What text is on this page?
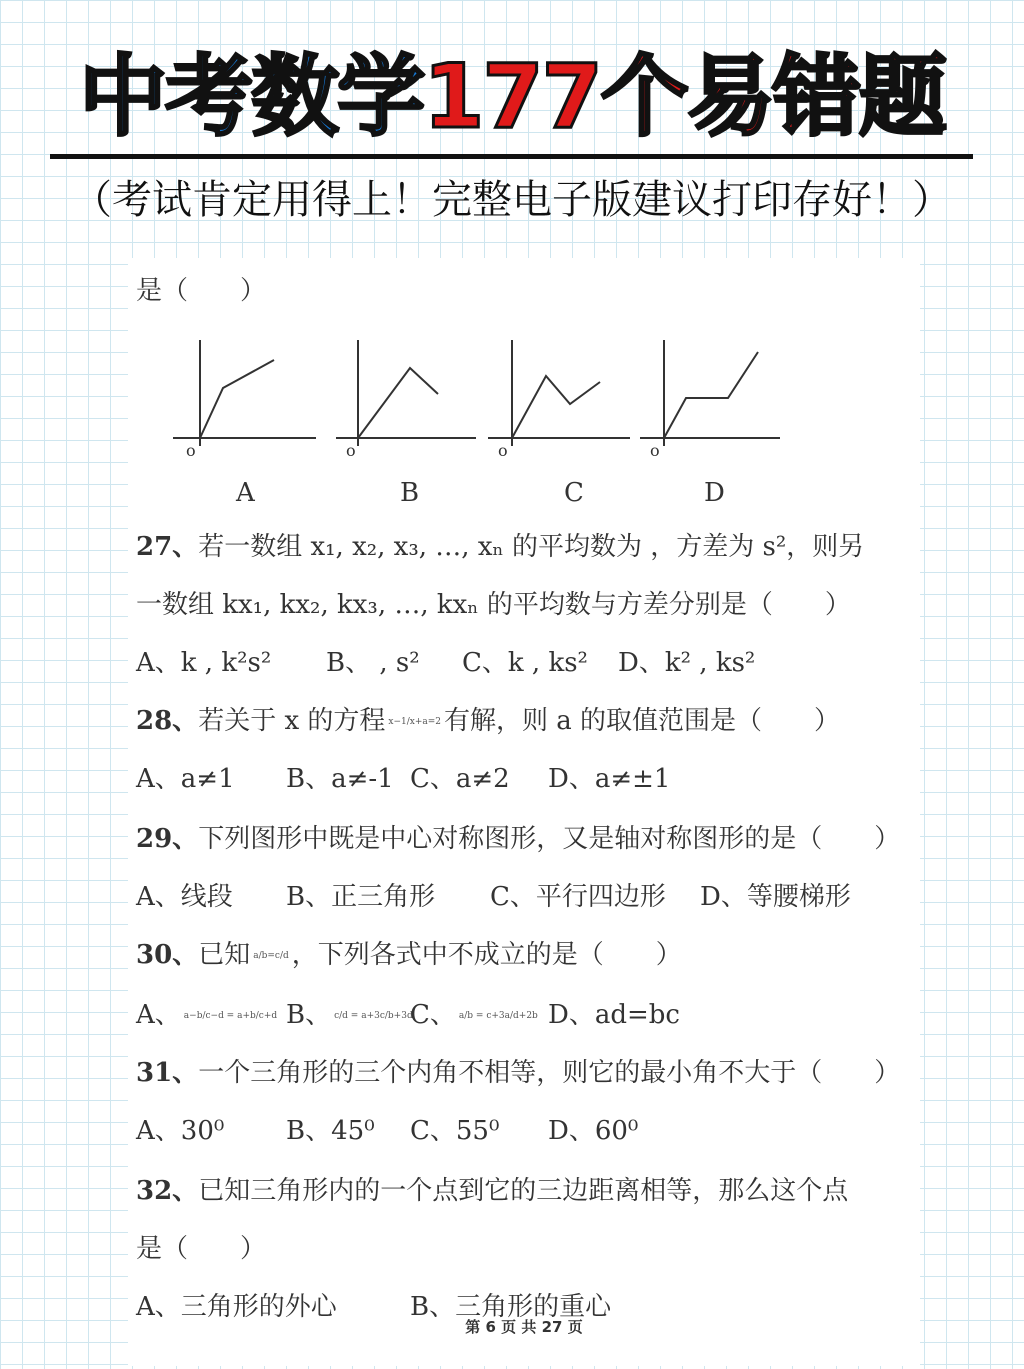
中考数学177个易错题
（考试肯定用得上！完整电子版建议打印存好！）
是（　　）
o	o	o	o
A	B	C	D
27、若一数组 x₁, x₂, x₃, …, xₙ 的平均数为 ，方差为 s²，则另
一数组 kx₁, kx₂, kx₃, …, kxₙ 的平均数与方差分别是（　　）
A、k , k²s² B、 , s² C、k , ks² D、k² , ks²
28、若关于 x 的方程 x−1/x+a=2 有解，则 a 的取值范围是（　　）
A、a≠1 B、a≠-1 C、a≠2 D、a≠±1
29、下列图形中既是中心对称图形，又是轴对称图形的是（　　）
A、线段 B、正三角形 C、平行四边形 D、等腰梯形
30、已知 a/b=c/d ，下列各式中不成立的是（　　）
A、 a−b/c−d = a+b/c+d B、 c/d = a+3c/b+3dC、 a/b = c+3a/d+2b D、ad=bc
31、一个三角形的三个内角不相等，则它的最小角不大于（　　）
A、30⁰ B、45⁰ C、55⁰ D、60⁰
32、已知三角形内的一个点到它的三边距离相等，那么这个点
是（　　）
A、三角形的外心	B、三角形的重心
第 6 页 共 27 页
